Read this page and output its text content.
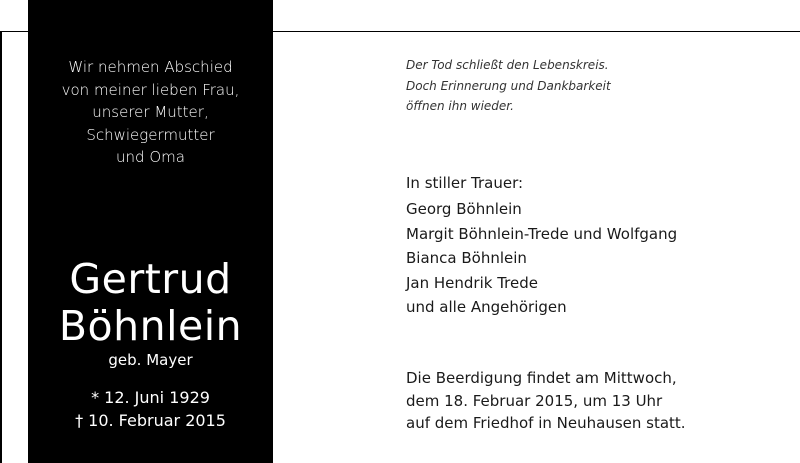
Wir nehmen Abschied
von meiner lieben Frau,
unserer Mutter,
Schwiegermutter
und Oma
Gertrud
Böhnlein
geb. Mayer
* 12. Juni 1929
† 10. Februar 2015
Der Tod schließt den Lebenskreis.
Doch Erinnerung und Dankbarkeit
öffnen ihn wieder.
In stiller Trauer:
Georg Böhnlein
Margit Böhnlein-Trede und Wolfgang
Bianca Böhnlein
Jan Hendrik Trede
und alle Angehörigen
Die Beerdigung findet am Mittwoch,
dem 18. Februar 2015, um 13 Uhr
auf dem Friedhof in Neuhausen statt.
